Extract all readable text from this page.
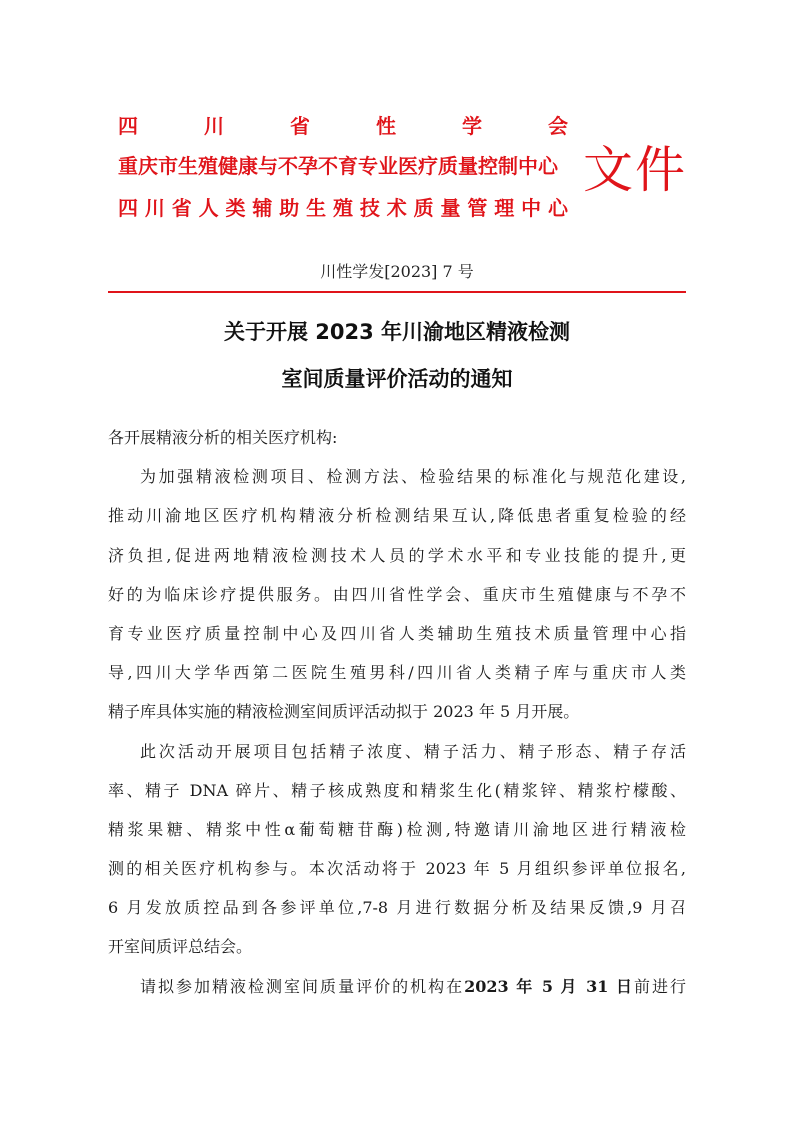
四	川	省	性	学	会
重庆市生殖健康与不孕不育专业医疗质量控制中心
四 川 省 人 类 辅 助 生 殖 技 术 质 量 管 理 中 心
文件
川性学发[2023] 7 号
关于开展 2023 年川渝地区精液检测
室间质量评价活动的通知
各开展精液分析的相关医疗机构:
为加强精液检测项目、检测方法、检验结果的标准化与规范化建设,
推动川渝地区医疗机构精液分析检测结果互认,降低患者重复检验的经
济负担,促进两地精液检测技术人员的学术水平和专业技能的提升,更
好的为临床诊疗提供服务。由四川省性学会、重庆市生殖健康与不孕不
育专业医疗质量控制中心及四川省人类辅助生殖技术质量管理中心指
导,四川大学华西第二医院生殖男科/四川省人类精子库与重庆市人类
精子库具体实施的精液检测室间质评活动拟于 2023 年 5 月开展。
此次活动开展项目包括精子浓度、精子活力、精子形态、精子存活
率、精子 DNA 碎片、精子核成熟度和精浆生化(精浆锌、精浆柠檬酸、
精浆果糖、精浆中性α葡萄糖苷酶)检测,特邀请川渝地区进行精液检
测的相关医疗机构参与。本次活动将于 2023 年 5 月组织参评单位报名,
6 月发放质控品到各参评单位,7-8 月进行数据分析及结果反馈,9 月召
开室间质评总结会。
请拟参加精液检测室间质量评价的机构在2023 年 5 月 31 日前进行
